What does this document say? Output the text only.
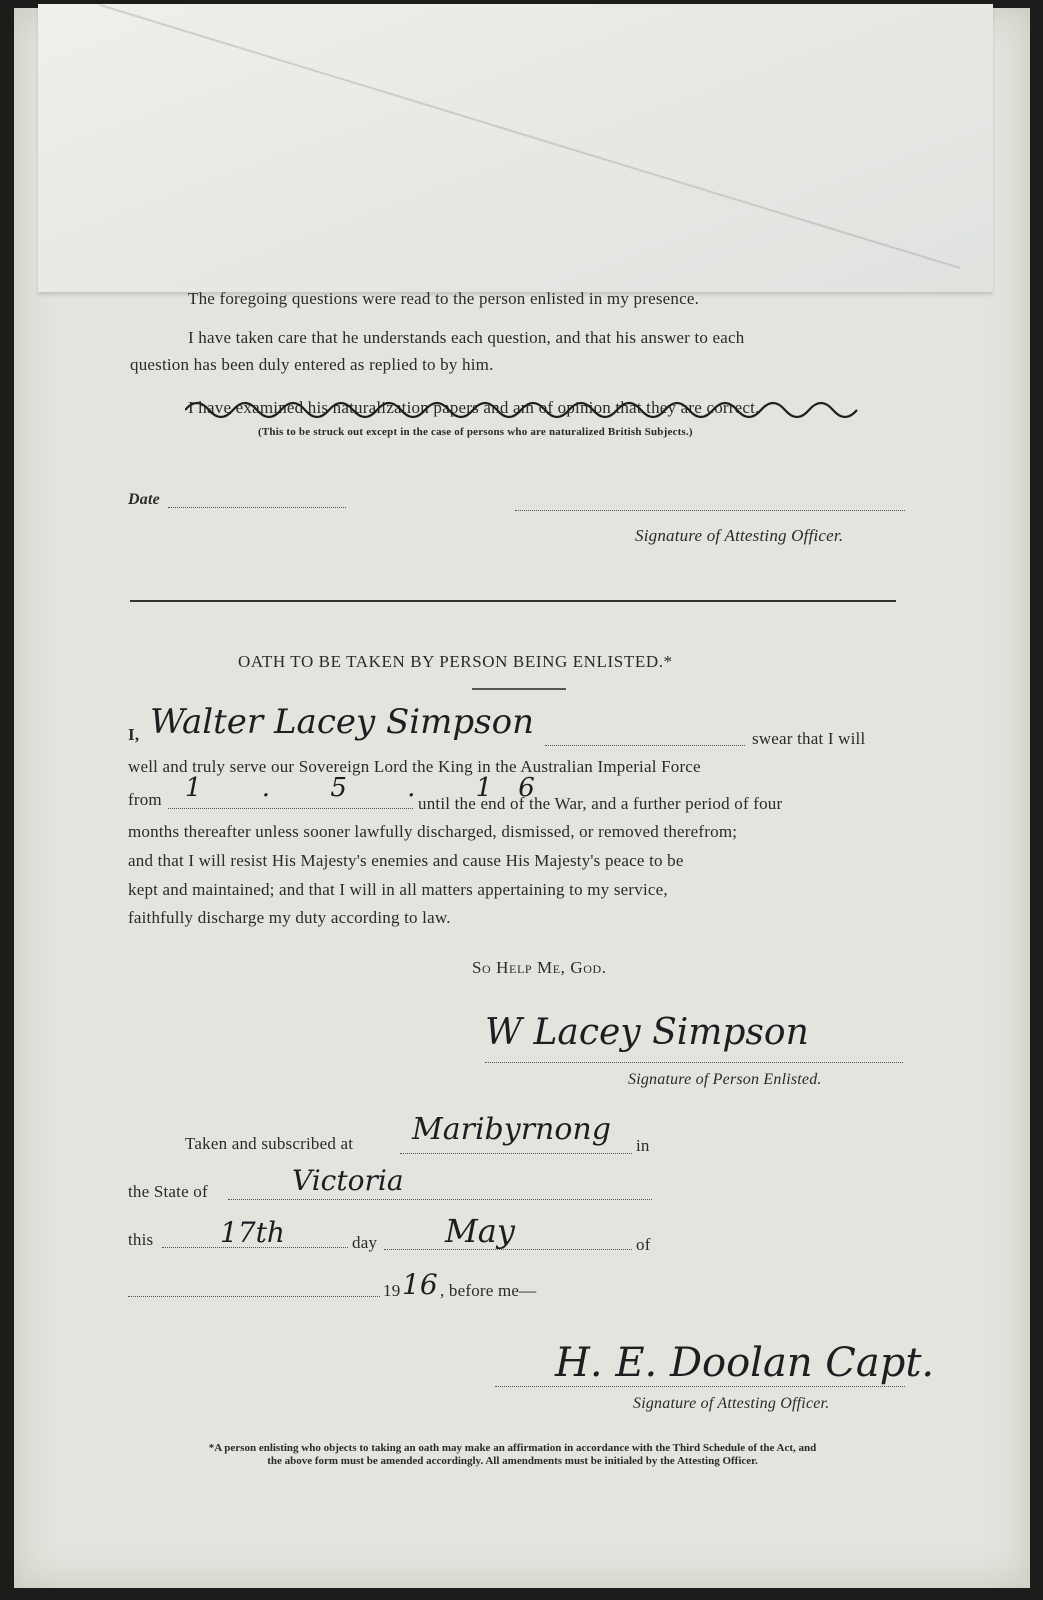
The foregoing questions were read to the person enlisted in my presence.
I have taken care that he understands each question, and that his answer to each
question has been duly entered as replied to by him.
I have examined his naturalization papers and am of opinion that they are correct.
(This to be struck out except in the case of persons who are naturalized British Subjects.)
Date
Signature of Attesting Officer.
OATH TO BE TAKEN BY PERSON BEING ENLISTED.*
I, Walter Lacey Simpson	swear that I will
well and truly serve our Sovereign Lord the King in the Australian Imperial Force
from 1 . 5 . 16
until the end of the War, and a further period of four
months thereafter unless sooner lawfully discharged, dismissed, or removed therefrom;
and that I will resist His Majesty's enemies and cause His Majesty's peace to be
kept and maintained; and that I will in all matters appertaining to my service,
faithfully discharge my duty according to law.
So Help Me, God.
W Lacey Simpson
Signature of Person Enlisted.
Taken and subscribed at Maribyrnong in
the State of	Victoria
this 17th	day May	of
19 16 , before me—
H. E. Doolan Capt.
Signature of Attesting Officer.
*A person enlisting who objects to taking an oath may make an affirmation in accordance with the Third Schedule of the Act, and
the above form must be amended accordingly. All amendments must be initialed by the Attesting Officer.
